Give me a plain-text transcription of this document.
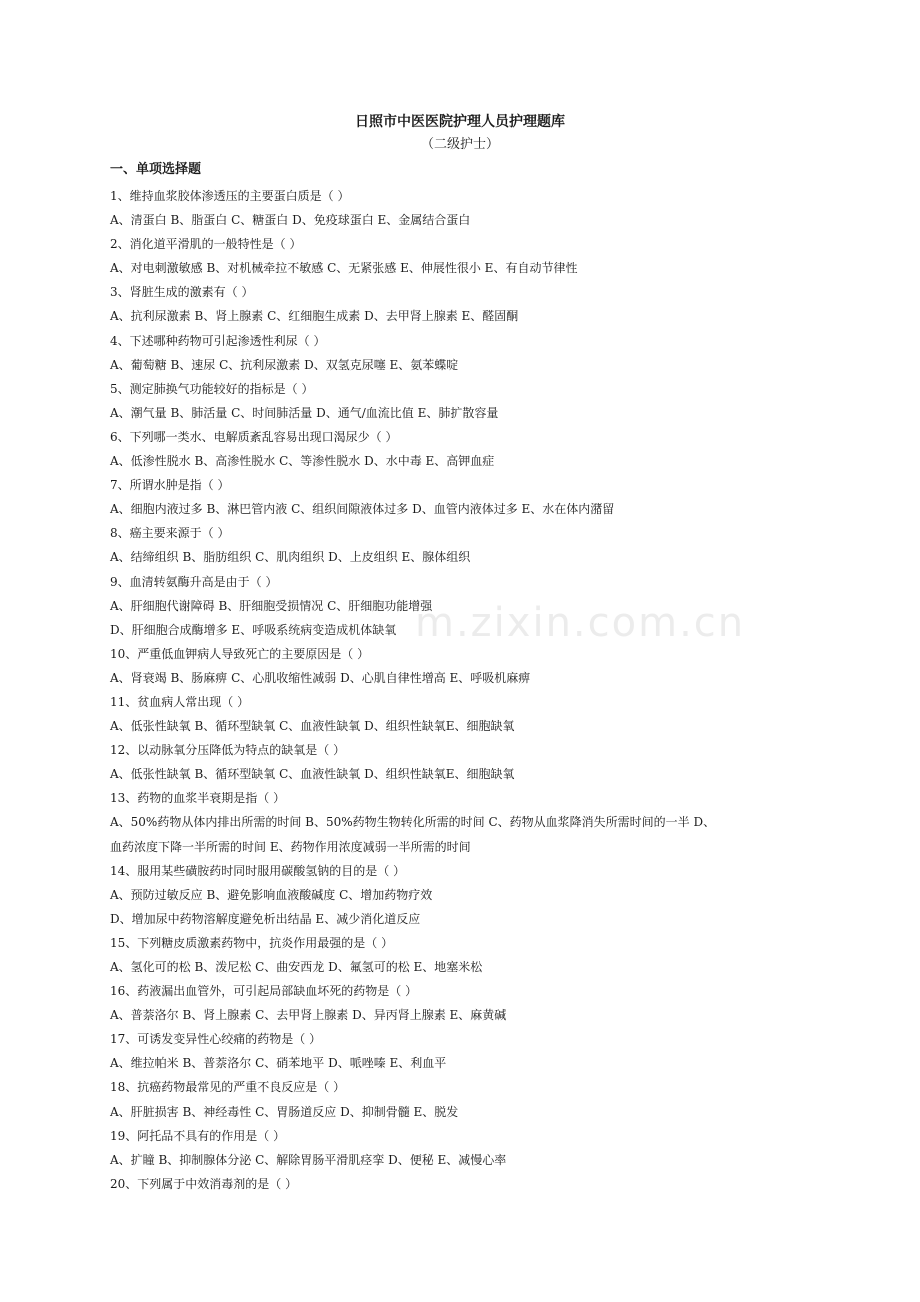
日照市中医医院护理人员护理题库
（二级护士）
一、单项选择题
m.zixin.com.cn
1、维持血浆胶体渗透压的主要蛋白质是（ ）
A、清蛋白 B、脂蛋白 C、糖蛋白 D、免疫球蛋白 E、金属结合蛋白
2、消化道平滑肌的一般特性是（ ）
A、对电刺激敏感 B、对机械牵拉不敏感 C、无紧张感 E、伸展性很小 E、有自动节律性
3、肾脏生成的激素有（ ）
A、抗利尿激素 B、肾上腺素 C、红细胞生成素 D、去甲肾上腺素 E、醛固酮
4、下述哪种药物可引起渗透性利尿（ ）
A、葡萄糖 B、速尿 C、抗利尿激素 D、双氢克尿噻 E、氨苯蝶啶
5、测定肺换气功能较好的指标是（ ）
A、潮气量 B、肺活量 C、时间肺活量 D、通气/血流比值 E、肺扩散容量
6、下列哪一类水、电解质紊乱容易出现口渴尿少（ ）
A、低渗性脱水 B、高渗性脱水 C、等渗性脱水 D、水中毒 E、高钾血症
7、所谓水肿是指（ ）
A、细胞内液过多 B、淋巴管内液 C、组织间隙液体过多 D、血管内液体过多 E、水在体内潴留
8、癌主要来源于（ ）
A、结缔组织 B、脂肪组织 C、肌肉组织 D、上皮组织 E、腺体组织
9、血清转氨酶升高是由于（ ）
A、肝细胞代谢障碍 B、肝细胞受损情况 C、肝细胞功能增强
D、肝细胞合成酶增多 E、呼吸系统病变造成机体缺氧
10、严重低血钾病人导致死亡的主要原因是（ ）
A、肾衰竭 B、肠麻痹 C、心肌收缩性减弱 D、心肌自律性增高 E、呼吸机麻痹
11、贫血病人常出现（ ）
A、低张性缺氧 B、循环型缺氧 C、血液性缺氧 D、组织性缺氧E、细胞缺氧
12、以动脉氧分压降低为特点的缺氧是（ ）
A、低张性缺氧 B、循环型缺氧 C、血液性缺氧 D、组织性缺氧E、细胞缺氧
13、药物的血浆半衰期是指（ ）
A、50%药物从体内排出所需的时间 B、50%药物生物转化所需的时间 C、药物从血浆降消失所需时间的一半 D、
血药浓度下降一半所需的时间 E、药物作用浓度减弱一半所需的时间
14、服用某些磺胺药时同时服用碳酸氢钠的目的是（ ）
A、预防过敏反应 B、避免影响血液酸碱度 C、增加药物疗效
D、增加尿中药物溶解度避免析出结晶 E、减少消化道反应
15、下列糖皮质激素药物中，抗炎作用最强的是（ ）
A、氢化可的松 B、泼尼松 C、曲安西龙 D、氟氢可的松 E、地塞米松
16、药液漏出血管外，可引起局部缺血坏死的药物是（ ）
A、普萘洛尔 B、肾上腺素 C、去甲肾上腺素 D、异丙肾上腺素 E、麻黄碱
17、可诱发变异性心绞痛的药物是（ ）
A、维拉帕米 B、普萘洛尔 C、硝苯地平 D、哌唑嗪 E、利血平
18、抗癌药物最常见的严重不良反应是（ ）
A、肝脏损害 B、神经毒性 C、胃肠道反应 D、抑制骨髓 E、脱发
19、阿托品不具有的作用是（ ）
A、扩瞳 B、抑制腺体分泌 C、解除胃肠平滑肌痉挛 D、便秘 E、减慢心率
20、下列属于中效消毒剂的是（ ）
